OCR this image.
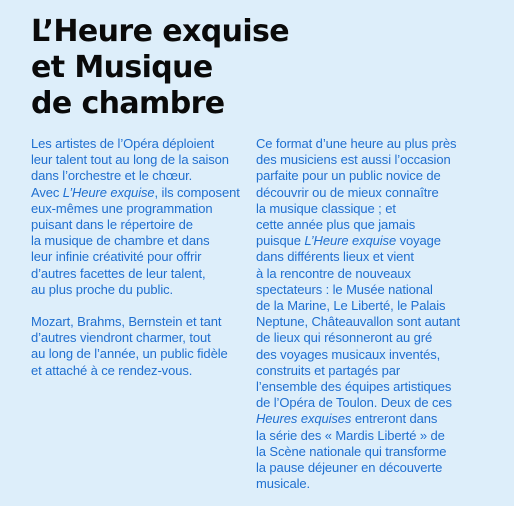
L’Heure exquise
et Musique
de chambre
Les artistes de l’Opéra déploient
leur talent tout au long de la saison
dans l’orchestre et le chœur.
Avec L’Heure exquise, ils composent
eux-mêmes une programmation
puisant dans le répertoire de
la musique de chambre et dans
leur infinie créativité pour offrir
d’autres facettes de leur talent,
au plus proche du public.
Mozart, Brahms, Bernstein et tant
d’autres viendront charmer, tout
au long de l’année, un public fidèle
et attaché à ce rendez-vous.
Ce format d’une heure au plus près
des musiciens est aussi l’occasion
parfaite pour un public novice de
découvrir ou de mieux connaître
la musique classique ; et
cette année plus que jamais
puisque L’Heure exquise voyage
dans différents lieux et vient
à la rencontre de nouveaux
spectateurs : le Musée national
de la Marine, Le Liberté, le Palais
Neptune, Châteauvallon sont autant
de lieux qui résonneront au gré
des voyages musicaux inventés,
construits et partagés par
l’ensemble des équipes artistiques
de l’Opéra de Toulon. Deux de ces
Heures exquises entreront dans
la série des « Mardis Liberté » de
la Scène nationale qui transforme
la pause déjeuner en découverte
musicale.
